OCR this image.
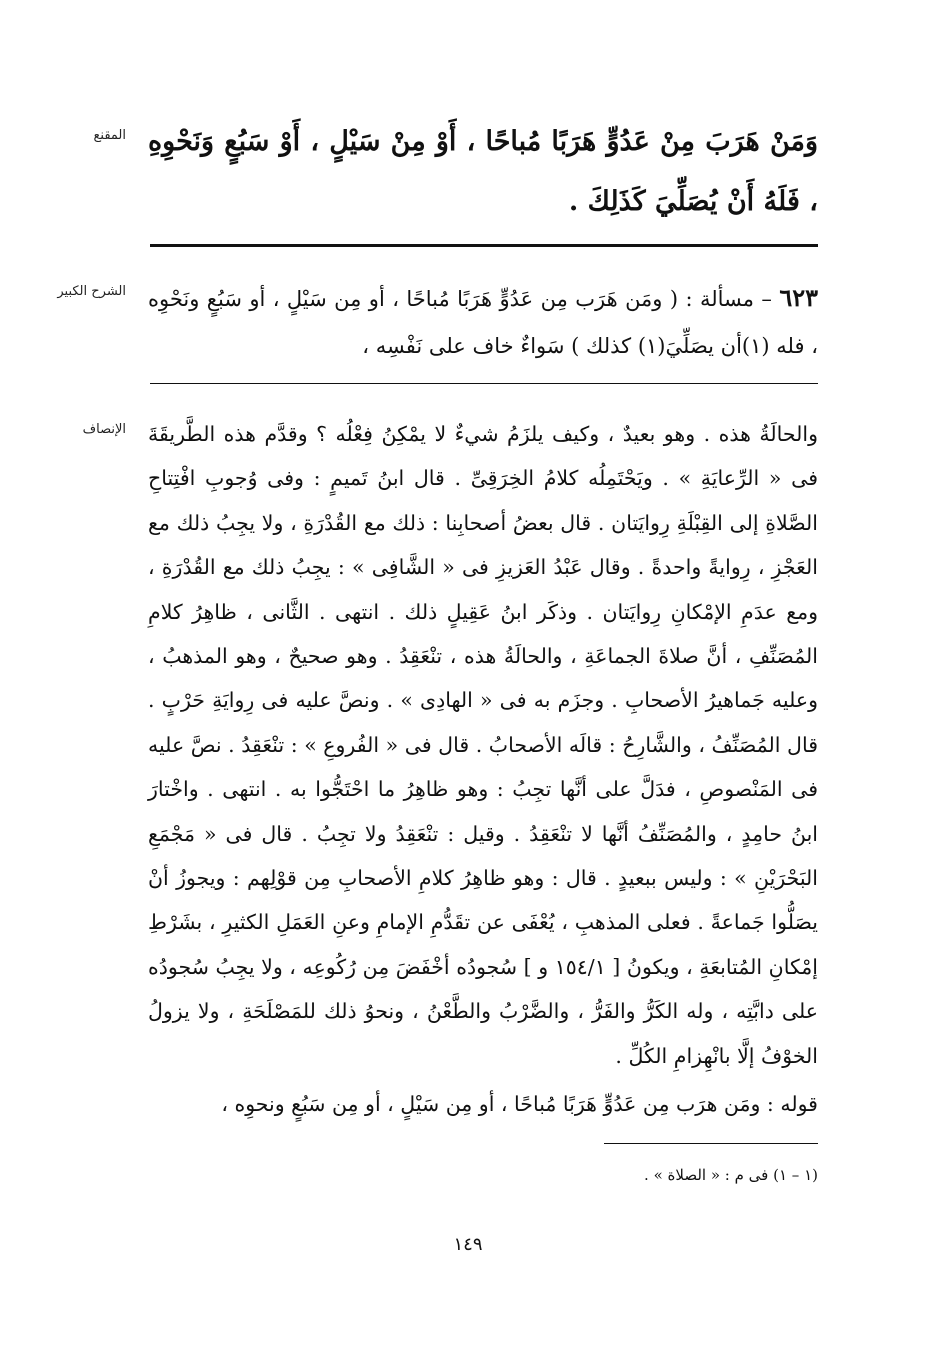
المقنع وَمَنْ هَرَبَ مِنْ عَدُوٍّ هَرَبًا مُباحًا ، أَوْ مِنْ سَيْلٍ ، أَوْ سَبُعٍ وَنَحْوِهِ ، فَلَهُ أَنْ يُصَلِّيَ كَذَلِكَ .
الشرح الكبير	٦٢٣ – مسألة : ( ومَن هَرَب مِن عَدُوٍّ هَرَبًا مُباحًا ، أو مِن سَيْلٍ ، أو سَبُعٍ ونَحْوِه ، فله (١)أن يصَلِّيَ(١) كذلك ) سَواءٌ خاف على نَفْسِه ،
الإنصاف والحالَةُ هذه . وهو بعيدٌ ، وكيف يلزَمُ شيءٌ لا يمْكِنُ فِعْلُه ؟ وقدَّم هذه الطَّريقَةَ فى « الرِّعايَةِ » . ويَحْتَمِلُه كلامُ الخِرَقِىِّ . قال ابنُ تَميمٍ : وفى وُجوبِ افْتِتاحِ الصَّلاةِ إلى القِبْلَةِ رِوايَتان . قال بعضُ أصحابِنا : ذلك مع القُدْرَةِ ، ولا يجِبُ ذلك مع العَجْزِ ، رِوايةً واحدةً . وقال عَبْدُ العَزيزِ فى « الشَّافِى » : يجِبُ ذلك مع القُدْرَةِ ، ومع عدَمِ الإمْكانِ رِوايَتان . وذكَر ابنُ عَقِيلٍ ذلك . انتهى . الثَّانى ، ظاهِرُ كلامِ المُصَنِّفِ ، أنَّ صلاةَ الجماعَةِ ، والحالَةُ هذه ، تنْعَقِدُ . وهو صحيحٌ ، وهو المذهبُ ، وعليه جَماهيرُ الأصحابِ . وجزَم به فى « الهادِى » . ونصَّ عليه فى رِوايَةِ حَرْبٍ . قال المُصَنِّفُ ، والشَّارِحُ : قالَه الأصحابُ . قال فى « الفُروعِ » : تنْعَقِدُ . نصَّ عليه فى المَنْصوصِ ، فدَلَّ على أنَّها تجِبُ : وهو ظاهِرُ ما احْتَجُّوا به . انتهى . واخْتارَ ابنُ حامِدٍ ، والمُصَنِّفُ أنَّها لا تنْعَقِدُ . وقيل : تنْعَقِدُ ولا تجِبُ . قال فى « مَجْمَعِ البَحْرَيْنِ » : وليس ببعيدٍ . قال : وهو ظاهِرُ كلامِ الأصحابِ مِن قوْلِهم : ويجوزُ أنْ يصَلُّوا جَماعةً . فعلى المذهبِ ، يُعْفَى عن تقَدُّمِ الإمامِ وعنِ العَمَلِ الكثيرِ ، بشَرْطِ إمْكانِ المُتابعَةِ ، ويكونُ [ ١٥٤/١ و ] سُجودُه أخْفَضَ مِن رُكُوعِه ، ولا يجِبُ سُجودُه على دابَّتِه ، وله الكَرُّ والفَرُّ ، والضَّرْبُ والطَّعْنُ ، ونحوُ ذلك للمَصْلَحَةِ ، ولا يزولُ الخوْفُ إلَّا بانْهِزامِ الكُلِّ .
قوله : ومَن هرَب مِن عَدُوٍّ هَرَبًا مُباحًا ، أو مِن سَيْلٍ ، أو مِن سَبُعٍ ونحوِه ،
(١ – ١) فى م : « الصلاة » .
١٤٩
